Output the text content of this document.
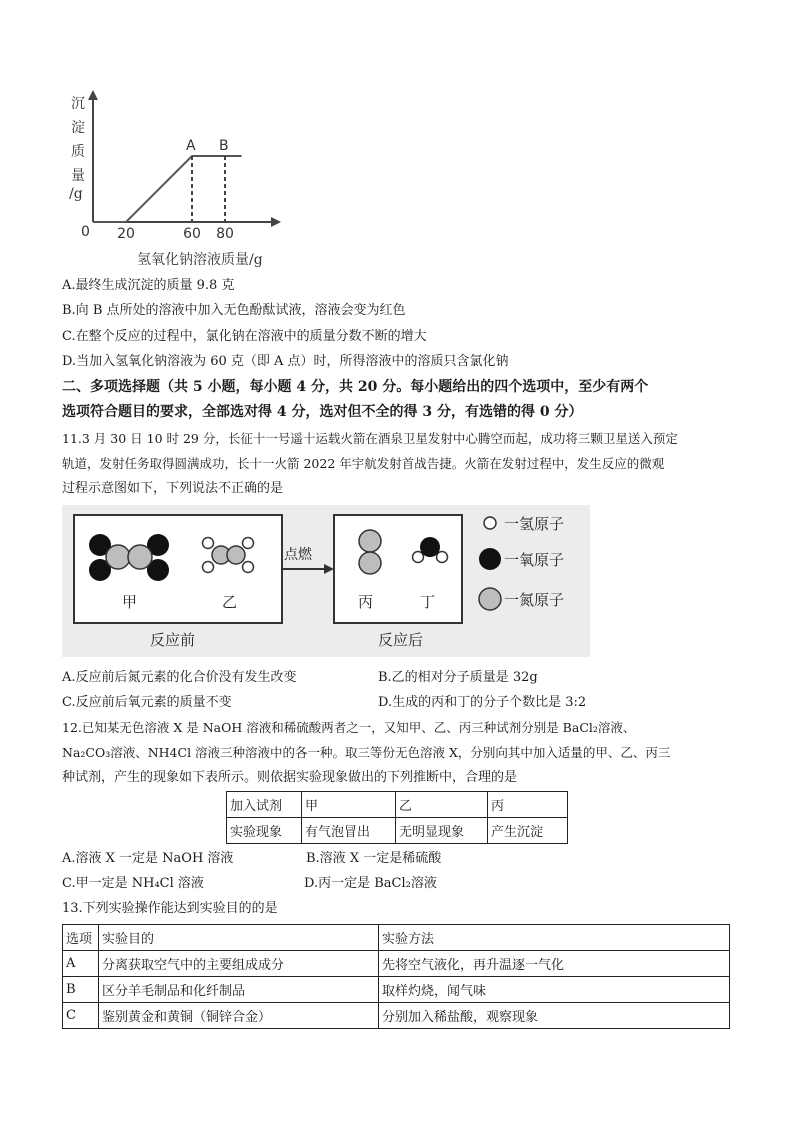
沉
淀
质
量
/g
0
A B
20	60 80
氢氧化钠溶液质量/g
A.最终生成沉淀的质量 9.8 克
B.向 B 点所处的溶液中加入无色酚酞试液，溶液会变为红色
C.在整个反应的过程中，氯化钠在溶液中的质量分数不断的增大
D.当加入氢氧化钠溶液为 60 克（即 A 点）时，所得溶液中的溶质只含氯化钠
二、多项选择题（共 5 小题，每小题 4 分，共 20 分。每小题给出的四个选项中，至少有两个
选项符合题目的要求，全部选对得 4 分，选对但不全的得 3 分，有选错的得 0 分）
11.3 月 30 日 10 时 29 分，长征十一号遥十运载火箭在酒泉卫星发射中心腾空而起，成功将三颗卫星送入预定
轨道，发射任务取得圆满成功，长十一火箭 2022 年宇航发射首战告捷。火箭在发射过程中，发生反应的微观
过程示意图如下，下列说法不正确的是
甲	乙
反应前
点燃
丙	丁
反应后
一氢原子
一氧原子
一氮原子
A.反应前后氮元素的化合价没有发生改变	B.乙的相对分子质量是 32g
C.反应前后氧元素的质量不变	D.生成的丙和丁的分子个数比是 3:2
12.已知某无色溶液 X 是 NaOH 溶液和稀硫酸两者之一，又知甲、乙、丙三种试剂分别是 BaCl₂溶液、
Na₂CO₃溶液、NH4Cl 溶液三种溶液中的各一种。取三等份无色溶液 X，分别向其中加入适量的甲、乙、丙三
种试剂，产生的现象如下表所示。则依据实验现象做出的下列推断中，合理的是
加入试剂	甲	乙	丙
实验现象	有气泡冒出	无明显现象	产生沉淀
A.溶液 X 一定是 NaOH 溶液	B.溶液 X 一定是稀硫酸
C.甲一定是 NH₄Cl 溶液	D.丙一定是 BaCl₂溶液
13.下列实验操作能达到实验目的的是
选项	实验目的	实验方法
A	分离获取空气中的主要组成成分	先将空气液化，再升温逐一气化
B	区分羊毛制品和化纤制品	取样灼烧，闻气味
C	鉴别黄金和黄铜（铜锌合金）	分别加入稀盐酸，观察现象
